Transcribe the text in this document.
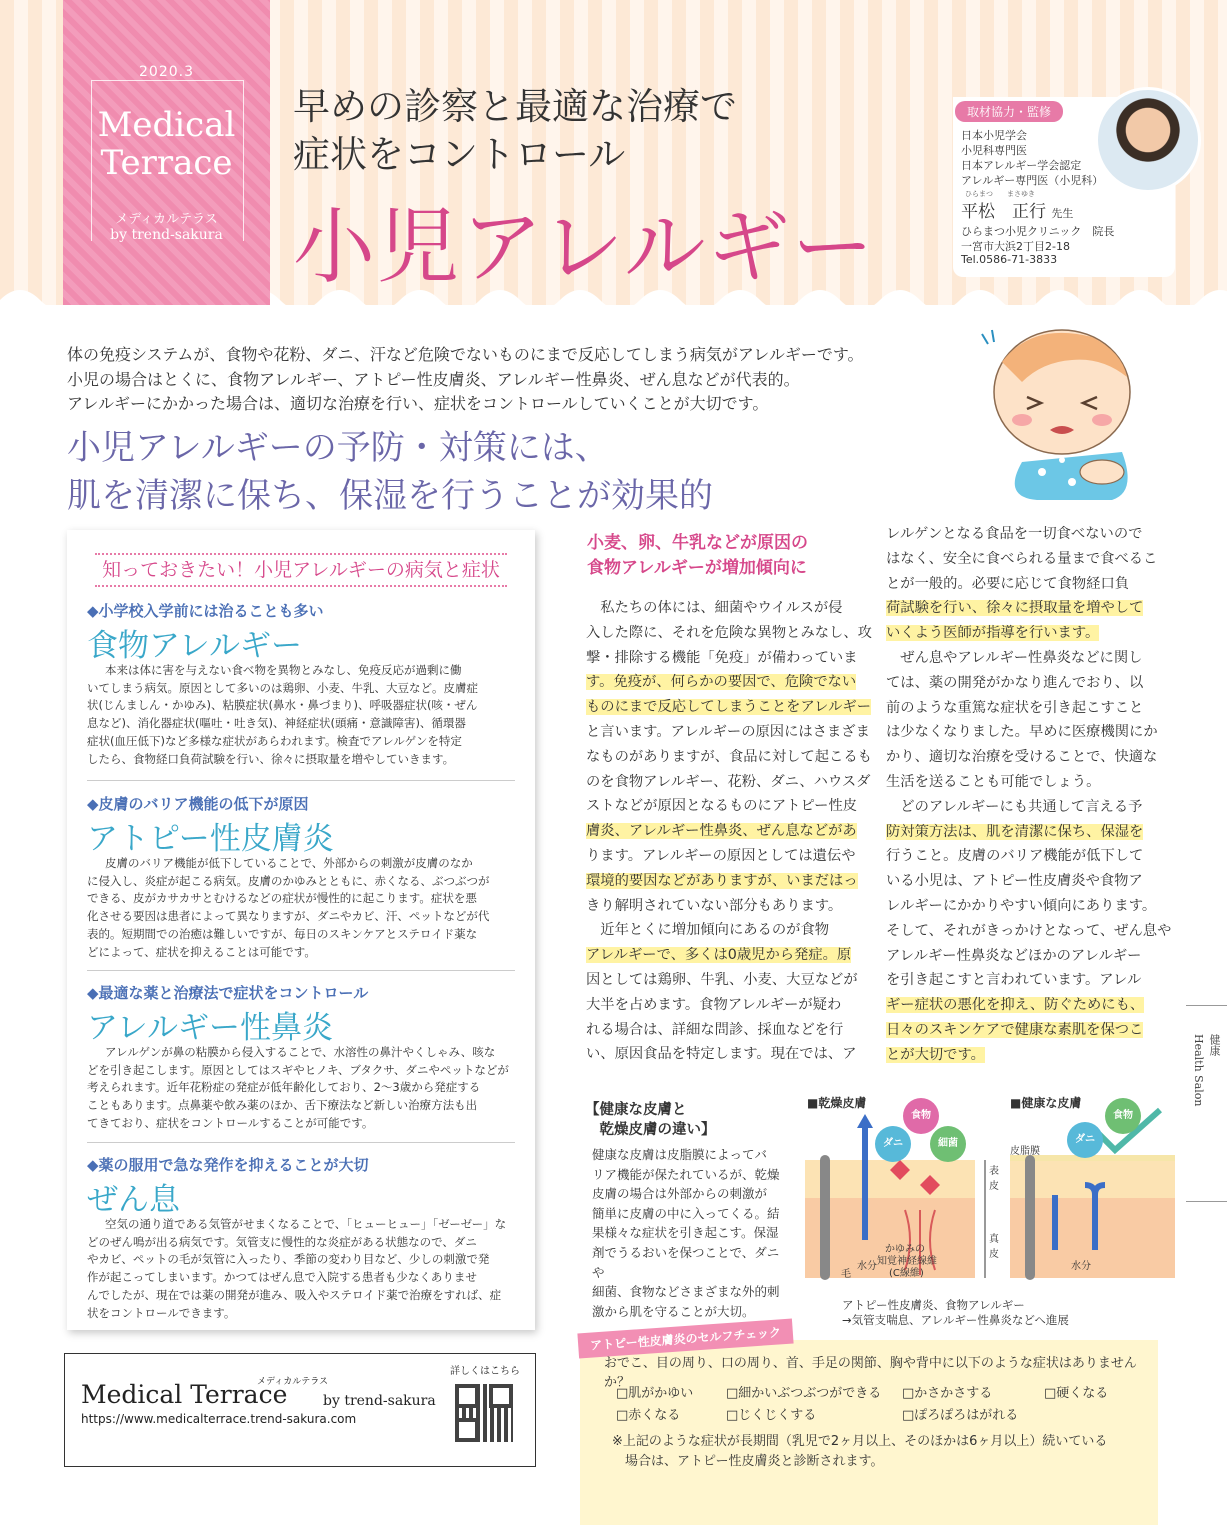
2020.3
Medical
Terrace
メディカルテラス
by trend-sakura
早めの診察と最適な治療で
症状をコントロール
小児アレルギー
取材協力・監修
日本小児学会
小児科専門医
日本アレルギー学会認定
アレルギー専門医（小児科）
ひらまつ まさゆき
平松　正行 先生
ひらまつ小児クリニック　院長
一宮市大浜2丁目2-18
Tel.0586-71-3833
体の免疫システムが、食物や花粉、ダニ、汗など危険でないものにまで反応してしまう病気がアレルギーです。
小児の場合はとくに、食物アレルギー、アトピー性皮膚炎、アレルギー性鼻炎、ぜん息などが代表的。
アレルギーにかかった場合は、適切な治療を行い、症状をコントロールしていくことが大切です。
小児アレルギーの予防・対策には、
肌を清潔に保ち、保湿を行うことが効果的
知っておきたい！小児アレルギーの病気と症状
◆小学校入学前には治ることも多い
食物アレルギー
本来は体に害を与えない食べ物を異物とみなし、免疫反応が過剰に働
いてしまう病気。原因として多いのは鶏卵、小麦、牛乳、大豆など。皮膚症
状(じんましん・かゆみ)、粘膜症状(鼻水・鼻づまり)、呼吸器症状(咳・ぜん
息など)、消化器症状(嘔吐・吐き気)、神経症状(頭痛・意識障害)、循環器
症状(血圧低下)など多様な症状があらわれます。検査でアレルゲンを特定
したら、食物経口負荷試験を行い、徐々に摂取量を増やしていきます。
◆皮膚のバリア機能の低下が原因
アトピー性皮膚炎
皮膚のバリア機能が低下していることで、外部からの刺激が皮膚のなか
に侵入し、炎症が起こる病気。皮膚のかゆみとともに、赤くなる、ぶつぶつが
できる、皮がカサカサとむけるなどの症状が慢性的に起こります。症状を悪
化させる要因は患者によって異なりますが、ダニやカビ、汗、ペットなどが代
表的。短期間での治癒は難しいですが、毎日のスキンケアとステロイド薬な
どによって、症状を抑えることは可能です。
◆最適な薬と治療法で症状をコントロール
アレルギー性鼻炎
アレルゲンが鼻の粘膜から侵入することで、水溶性の鼻汁やくしゃみ、咳な
どを引き起こします。原因としてはスギやヒノキ、ブタクサ、ダニやペットなどが
考えられます。近年花粉症の発症が低年齢化しており、2〜3歳から発症する
こともあります。点鼻薬や飲み薬のほか、舌下療法など新しい治療方法も出
てきており、症状をコントロールすることが可能です。
◆薬の服用で急な発作を抑えることが大切
ぜん息
空気の通り道である気管がせまくなることで、「ヒューヒュー」「ゼーゼー」な
どのぜん鳴が出る病気です。気管支に慢性的な炎症がある状態なので、ダニ
やカビ、ペットの毛が気管に入ったり、季節の変わり目など、少しの刺激で発
作が起こってしまいます。かつてはぜん息で入院する患者も少なくありませ
んでしたが、現在では薬の開発が進み、吸入やステロイド薬で治療をすれば、症
状をコントロールできます。
小麦、卵、牛乳などが原因の
食物アレルギーが増加傾向に
　私たちの体には、細菌やウイルスが侵
入した際に、それを危険な異物とみなし、攻
撃・排除する機能「免疫」が備わっていま
す。免疫が、何らかの要因で、危険でない
ものにまで反応してしまうことをアレルギー
と言います。アレルギーの原因にはさまざま
なものがありますが、食品に対して起こるも
のを食物アレルギー、花粉、ダニ、ハウスダ
ストなどが原因となるものにアトピー性皮
膚炎、アレルギー性鼻炎、ぜん息などがあ
ります。アレルギーの原因としては遺伝や
環境的要因などがありますが、いまだはっ
きり解明されていない部分もあります。
　近年とくに増加傾向にあるのが食物
アレルギーで、多くは0歳児から発症。原
因としては鶏卵、牛乳、小麦、大豆などが
大半を占めます。食物アレルギーが疑わ
れる場合は、詳細な問診、採血などを行
い、原因食品を特定します。現在では、ア
レルゲンとなる食品を一切食べないので
はなく、安全に食べられる量まで食べるこ
とが一般的。必要に応じて食物経口負
荷試験を行い、徐々に摂取量を増やして
いくよう医師が指導を行います。
　ぜん息やアレルギー性鼻炎などに関し
ては、薬の開発がかなり進んでおり、以
前のような重篤な症状を引き起こすこと
は少なくなりました。早めに医療機関にか
かり、適切な治療を受けることで、快適な
生活を送ることも可能でしょう。
　どのアレルギーにも共通して言える予
防対策方法は、肌を清潔に保ち、保湿を
行うこと。皮膚のバリア機能が低下して
いる小児は、アトピー性皮膚炎や食物ア
レルギーにかかりやすい傾向にあります。
そして、それがきっかけとなって、ぜん息や
アレルギー性鼻炎などほかのアレルギー
を引き起こすと言われています。アレル
ギー症状の悪化を抑え、防ぐためにも、
日々のスキンケアで健康な素肌を保つこ
とが大切です。	健康
Health Salon
【健康な皮膚と
　乾燥皮膚の違い】
健康な皮膚は皮脂膜によってバ
リア機能が保たれているが、乾燥
皮膚の場合は外部からの刺激が
簡単に皮膚の中に入ってくる。結
果様々な症状を引き起こす。保湿
剤でうるおいを保つことで、ダニや
細菌、食物などさまざまな外的刺
激から肌を守ることが大切。
■乾燥皮膚	■健康な皮膚
食物
ダニ	細菌
食物
ダニ
皮脂膜
表皮
真皮
毛
水分	水分
かゆみの
知覚神経線維
(C線維)
アトピー性皮膚炎、食物アレルギー
→気管支喘息、アレルギー性鼻炎などへ進展
アトピー性皮膚炎のセルフチェック
おでこ、目の周り、口の周り、首、手足の関節、胸や背中に以下のような症状はありませんか？
□肌がかゆい	□細かいぶつぶつができる □かさかさする	□硬くなる
□赤くなる	□じくじくする	□ぽろぽろはがれる
※上記のような症状が長期間（乳児で2ヶ月以上、そのほかは6ヶ月以上）続いている
　場合は、アトピー性皮膚炎と診断されます。
メディカルテラス
Medical Terrace	by trend-sakura
https://www.medicalterrace.trend-sakura.com
詳しくはこちら
